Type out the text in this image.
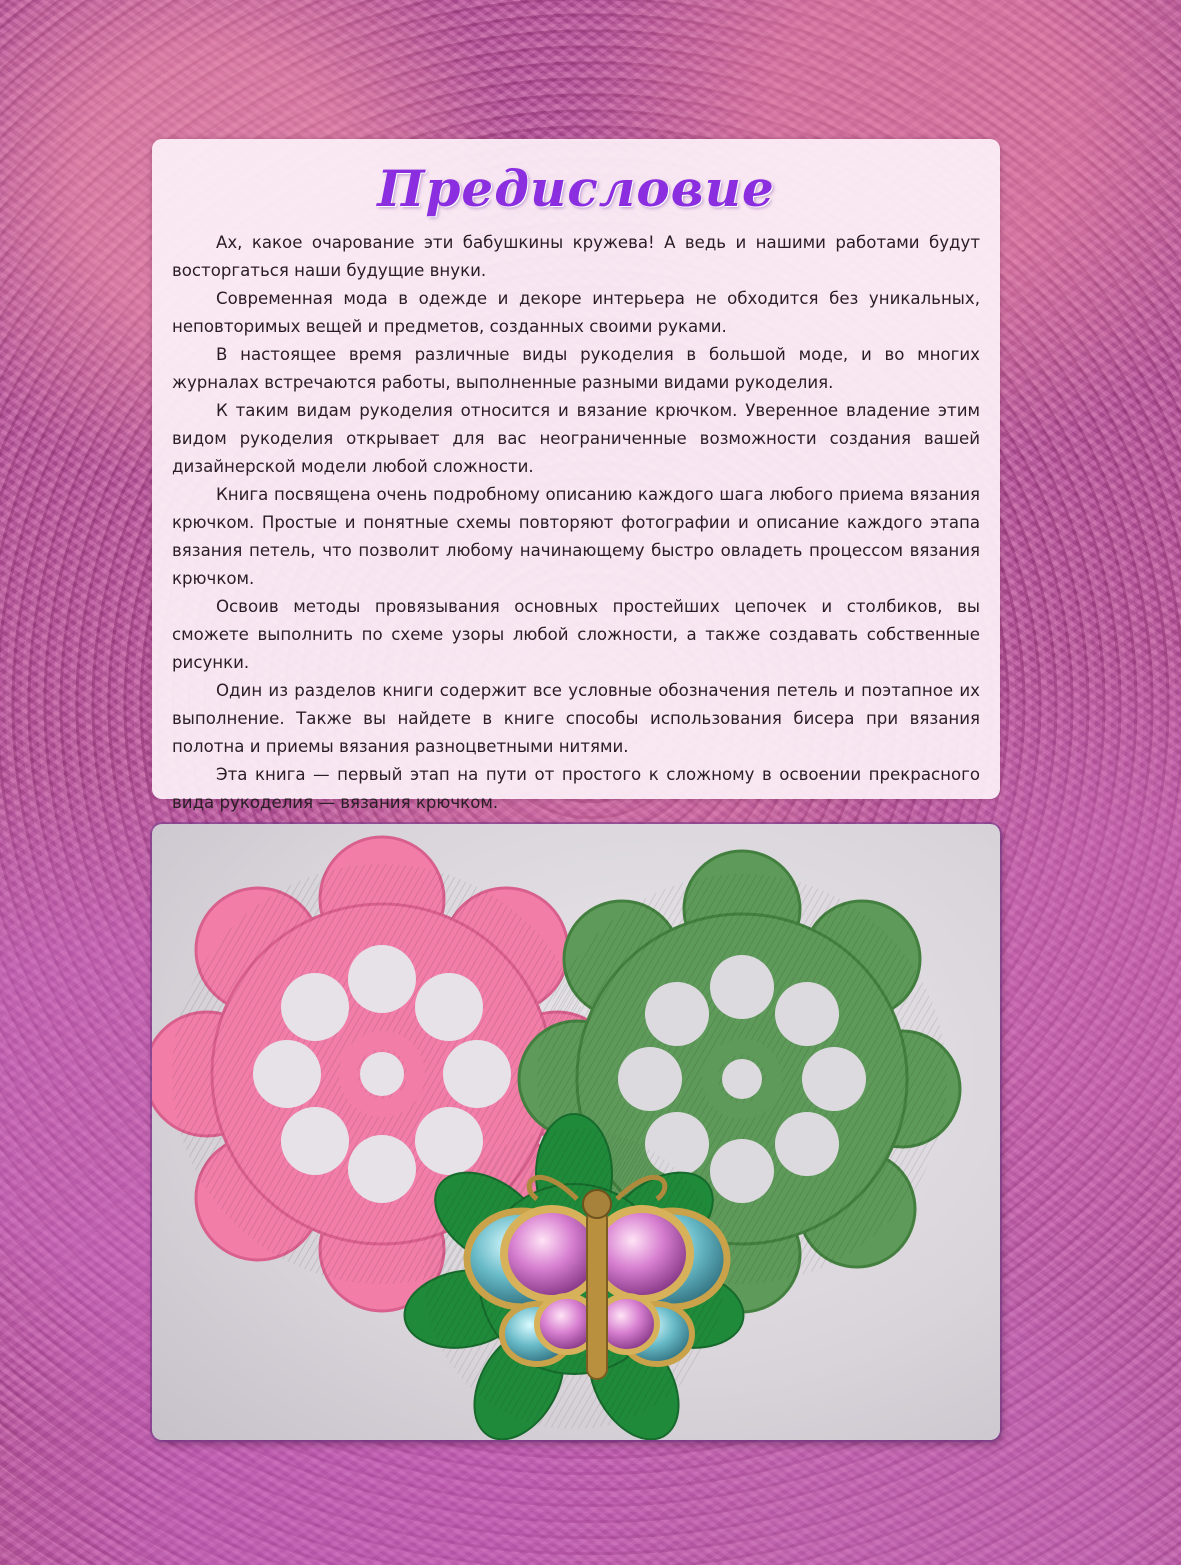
Предисловие

Ах, какое очарование эти бабушкины кружева! А ведь и нашими работами будут восторгаться наши будущие внуки.

Современная мода в одежде и декоре интерьера не обходится без уникальных, неповторимых вещей и предметов, созданных своими руками.

В настоящее время различные виды рукоделия в большой моде, и во многих журналах встречаются работы, выполненные разными видами рукоделия.

К таким видам рукоделия относится и вязание крючком. Уверенное владение этим видом рукоделия открывает для вас неограниченные возможности создания вашей дизайнерской модели любой сложности.

Книга посвящена очень подробному описанию каждого шага любого приема вязания крючком. Простые и понятные схемы повторяют фотографии и описание каждого этапа вязания петель, что позволит любому начинающему быстро овладеть процессом вязания крючком.

Освоив методы провязывания основных простейших цепочек и столбиков, вы сможете выполнить по схеме узоры любой сложности, а также создавать собственные рисунки.

Один из разделов книги содержит все условные обозначения петель и поэтапное их выполнение. Также вы найдете в книге способы использования бисера при вязания полотна и приемы вязания разноцветными нитями.

Эта книга — первый этап на пути от простого к сложному в освоении прекрасного вида рукоделия — вязания крючком.
